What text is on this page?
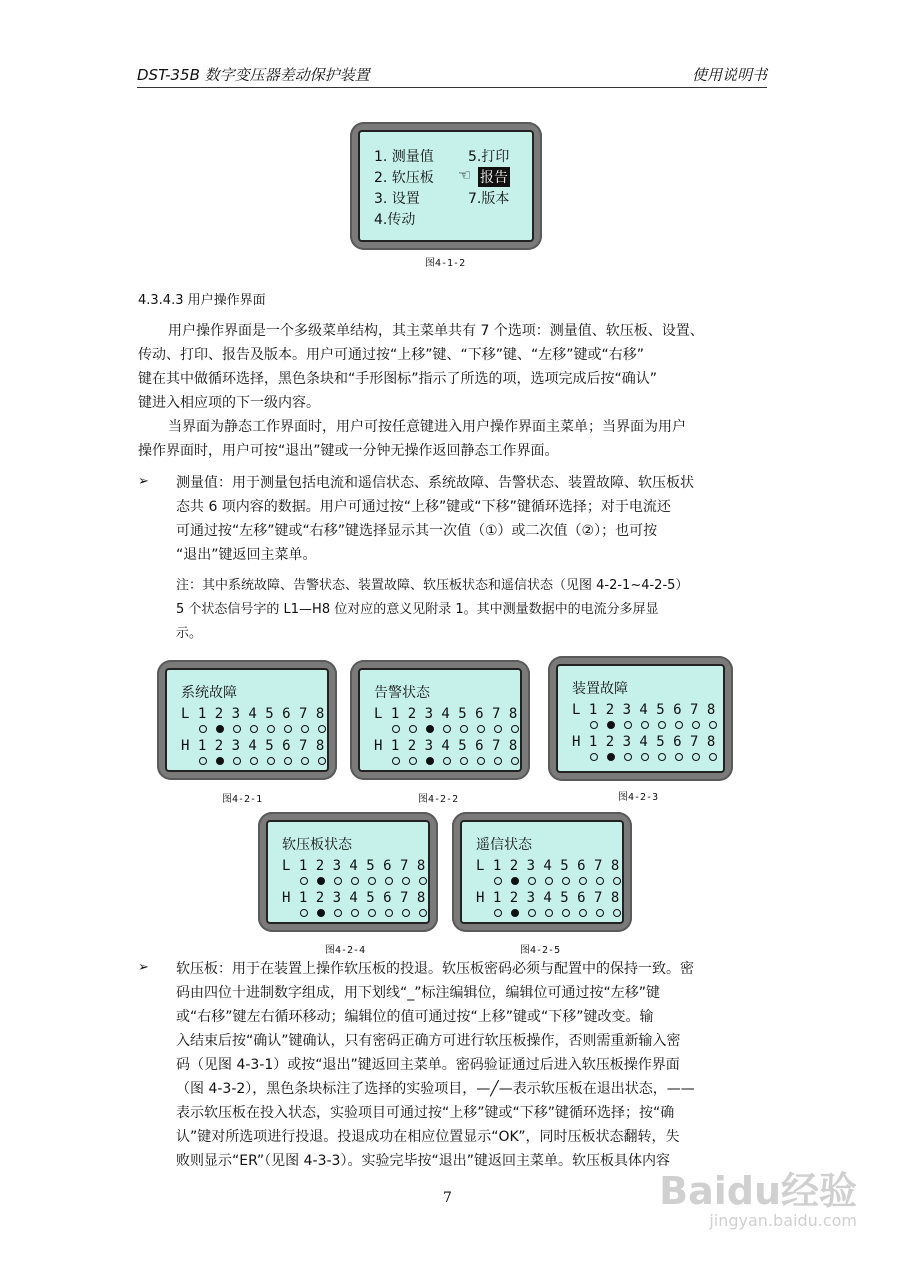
DST-35B 数字变压器差动保护装置	使用说明书
1. 测量值
2. 软压板
3. 设置
4.传动
5.打印
☜ 报告
7.版本
图4-1-2
4.3.4.3 用户操作界面
用户操作界面是一个多级菜单结构，其主菜单共有 7 个选项：测量值、软压板、设置、
传动、打印、报告及版本。用户可通过按“上移”键、“下移”键、“左移”键或“右移”
键在其中做循环选择，黑色条块和“手形图标”指示了所选的项，选项完成后按“确认”
键进入相应项的下一级内容。
当界面为静态工作界面时，用户可按任意键进入用户操作界面主菜单；当界面为用户
操作界面时，用户可按“退出”键或一分钟无操作返回静态工作界面。
➢ 测量值：用于测量包括电流和遥信状态、系统故障、告警状态、装置故障、软压板状
态共 6 项内容的数据。用户可通过按“上移”键或“下移”键循环选择；对于电流还
可通过按“左移”键或“右移”键选择显示其一次值（①）或二次值（②）；也可按
“退出”键返回主菜单。
注：其中系统故障、告警状态、装置故障、软压板状态和遥信状态（见图 4-2-1~4-2-5）
5 个状态信号字的 L1—H8 位对应的意义见附录 1。其中测量数据中的电流分多屏显
示。
系统故障
L 1 2 3 4 5 6 7 8
H 1 2 3 4 5 6 7 8
图4-2-1
告警状态
L 1 2 3 4 5 6 7 8
H 1 2 3 4 5 6 7 8
图4-2-2
装置故障
L 1 2 3 4 5 6 7 8
H 1 2 3 4 5 6 7 8
图4-2-3
软压板状态
L 1 2 3 4 5 6 7 8
H 1 2 3 4 5 6 7 8
图4-2-4
遥信状态
L 1 2 3 4 5 6 7 8
H 1 2 3 4 5 6 7 8
图4-2-5
➢ 软压板：用于在装置上操作软压板的投退。软压板密码必须与配置中的保持一致。密
码由四位十进制数字组成，用下划线“_”标注编辑位，编辑位可通过按“左移”键
或“右移”键左右循环移动；编辑位的值可通过按“上移”键或“下移”键改变。输
入结束后按“确认”键确认，只有密码正确方可进行软压板操作，否则需重新输入密
码（见图 4-3-1）或按“退出”键返回主菜单。密码验证通过后进入软压板操作界面
（图 4-3-2），黑色条块标注了选择的实验项目，—╱—表示软压板在退出状态，——
表示软压板在投入状态，实验项目可通过按“上移”键或“下移”键循环选择；按“确
认”键对所选项进行投退。投退成功在相应位置显示“OK”，同时压板状态翻转，失
败则显示“ER”（见图 4-3-3）。实验完毕按“退出”键返回主菜单。软压板具体内容
7	Baidu经验
jingyan.baidu.com
